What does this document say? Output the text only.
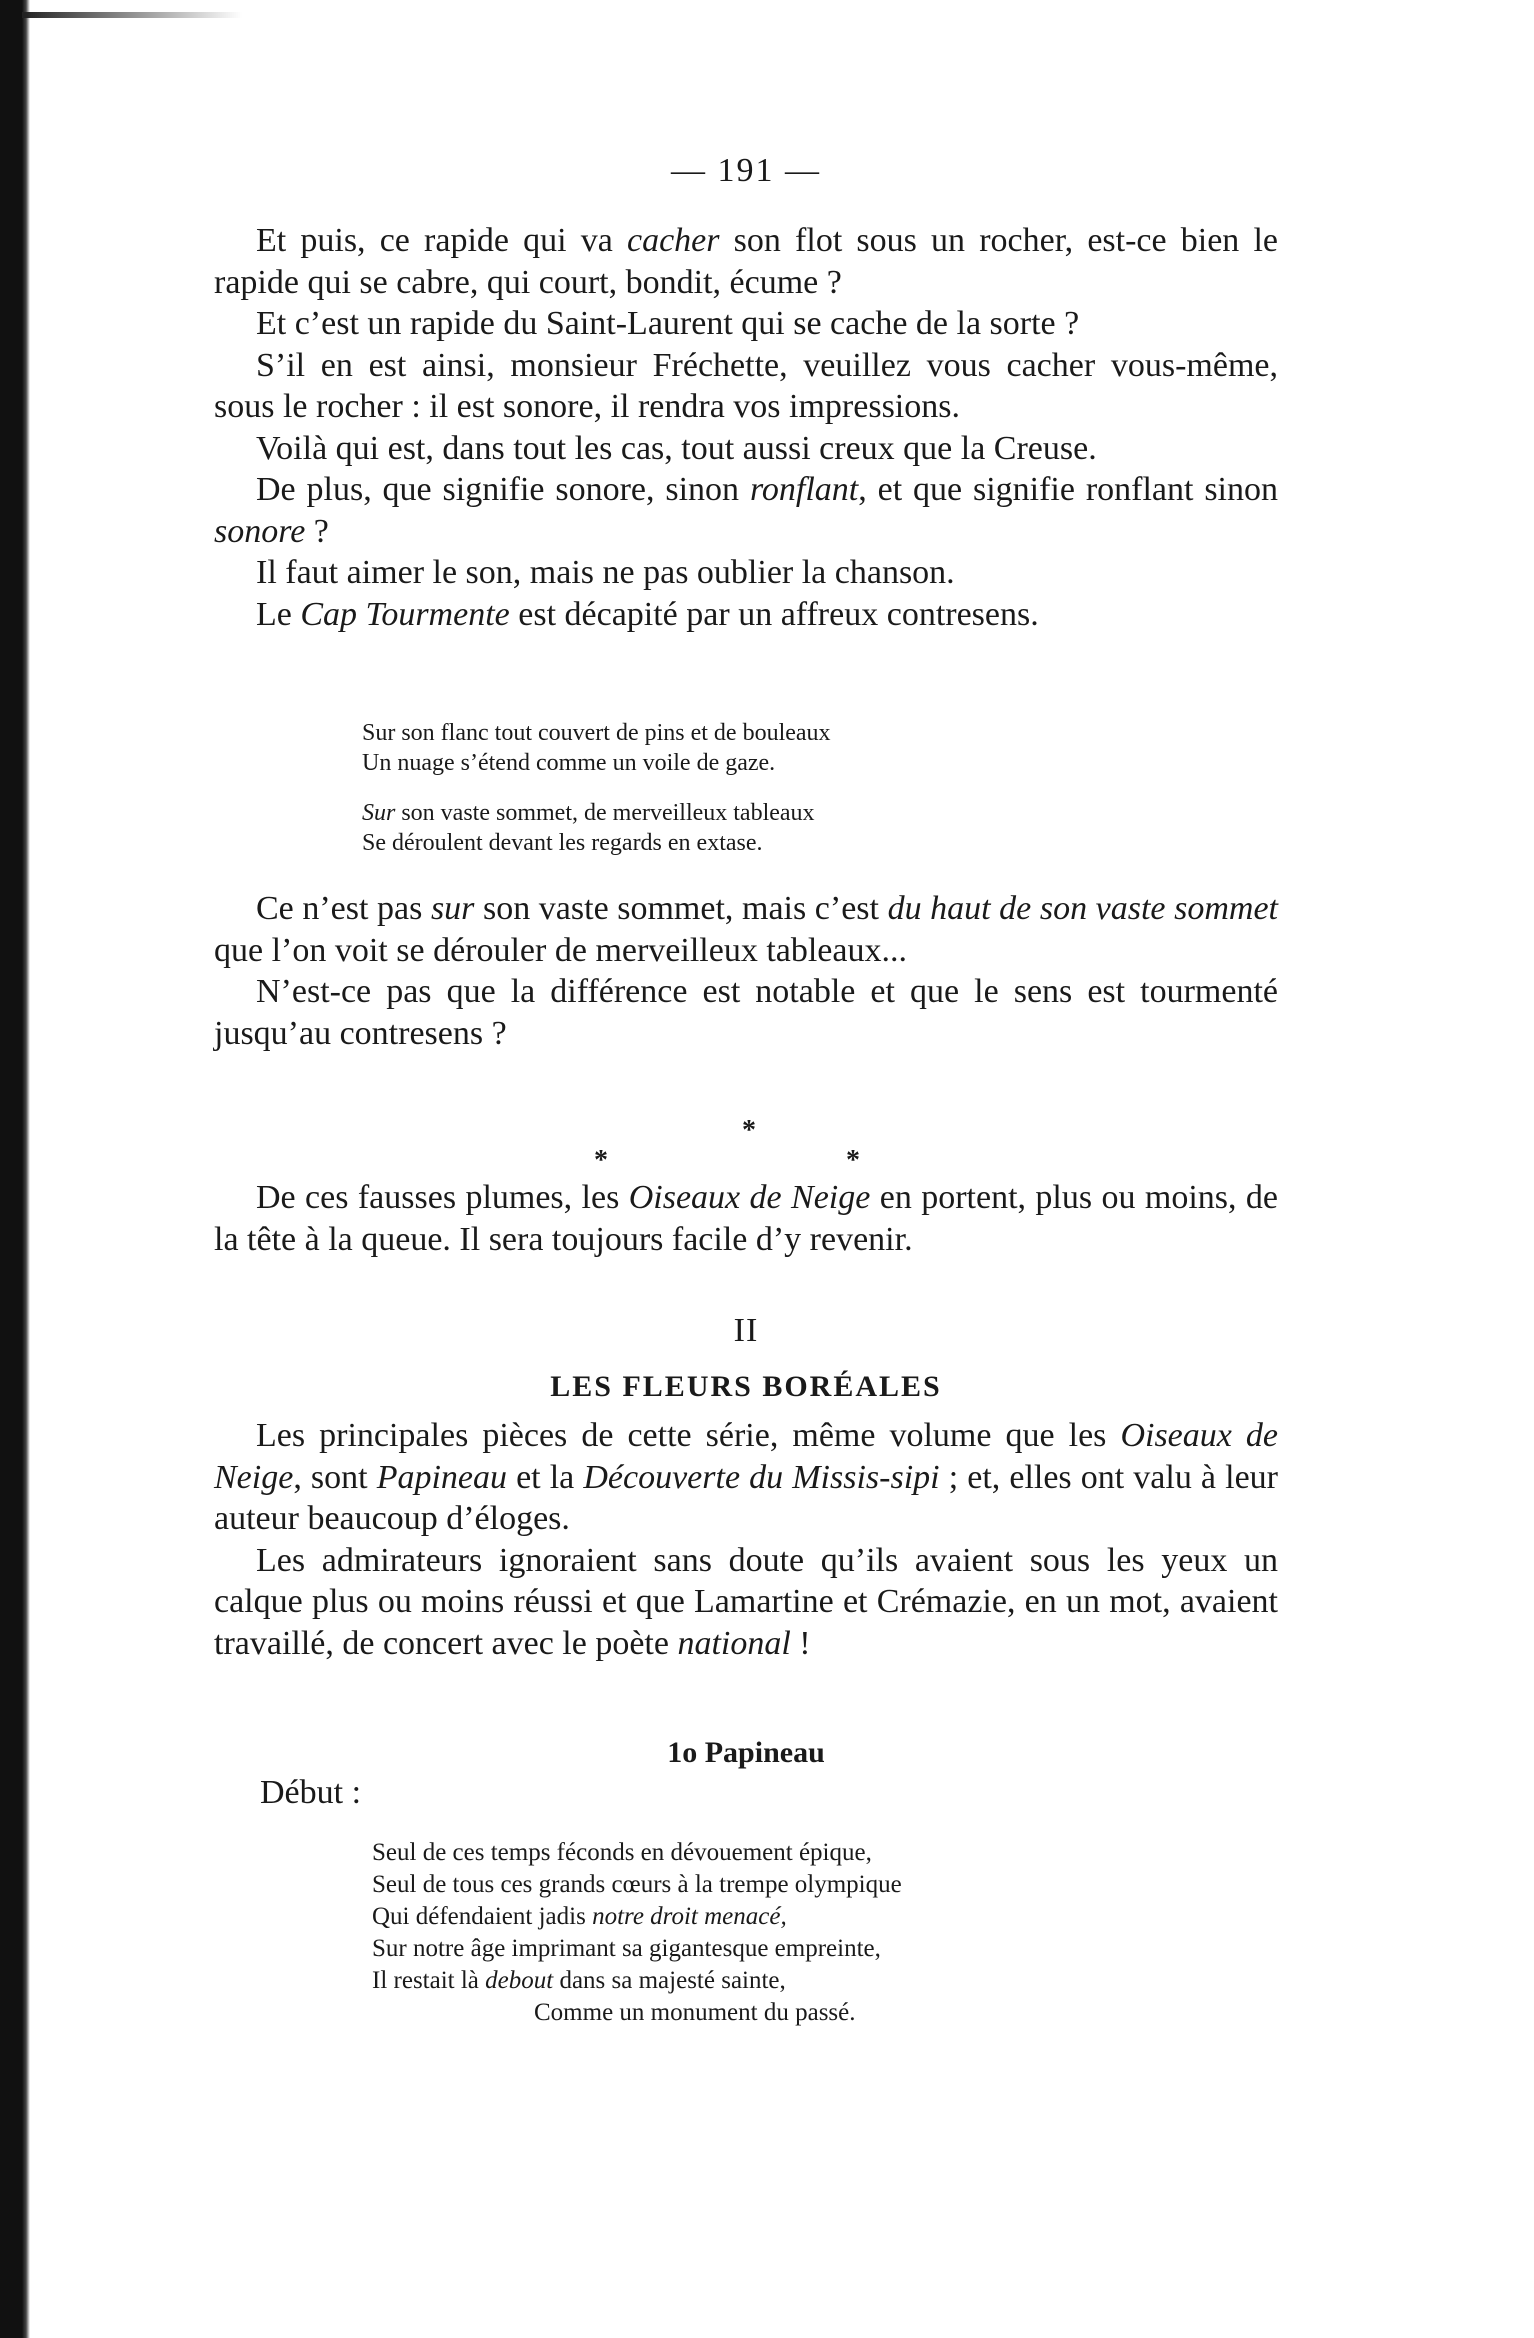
— 191 —

Et puis, ce rapide qui va cacher son flot sous un rocher, est-ce bien le rapide qui se cabre, qui court, bondit, écume ?

Et c’est un rapide du Saint-Laurent qui se cache de la sorte ?

S’il en est ainsi, monsieur Fréchette, veuillez vous cacher vous-même, sous le rocher : il est sonore, il rendra vos impressions.

Voilà qui est, dans tout les cas, tout aussi creux que la Creuse.

De plus, que signifie sonore, sinon ronflant, et que signifie ronflant sinon sonore ?

Il faut aimer le son, mais ne pas oublier la chanson.

Le Cap Tourmente est décapité par un affreux contresens.

Sur son flanc tout couvert de pins et de bouleaux
Un nuage s’étend comme un voile de gaze.
Sur son vaste sommet, de merveilleux tableaux
Se déroulent devant les regards en extase.

Ce n’est pas sur son vaste sommet, mais c’est du haut de son vaste sommet que l’on voit se dérouler de merveilleux tableaux...

N’est-ce pas que la différence est notable et que le sens est tourmenté jusqu’au contresens ?

*
*	*

De ces fausses plumes, les Oiseaux de Neige en portent, plus ou moins, de la tête à la queue. Il sera toujours facile d’y revenir.

II
LES FLEURS BORÉALES

Les principales pièces de cette série, même volume que les Oiseaux de Neige, sont Papineau et la Découverte du Missis-sipi ; et, elles ont valu à leur auteur beaucoup d’éloges.

Les admirateurs ignoraient sans doute qu’ils avaient sous les yeux un calque plus ou moins réussi et que Lamartine et Crémazie, en un mot, avaient travaillé, de concert avec le poète national !

1o Papineau
Début :
Seul de ces temps féconds en dévouement épique,
Seul de tous ces grands cœurs à la trempe olympique
Qui défendaient jadis notre droit menacé,
Sur notre âge imprimant sa gigantesque empreinte,
Il restait là debout dans sa majesté sainte,
Comme un monument du passé.
